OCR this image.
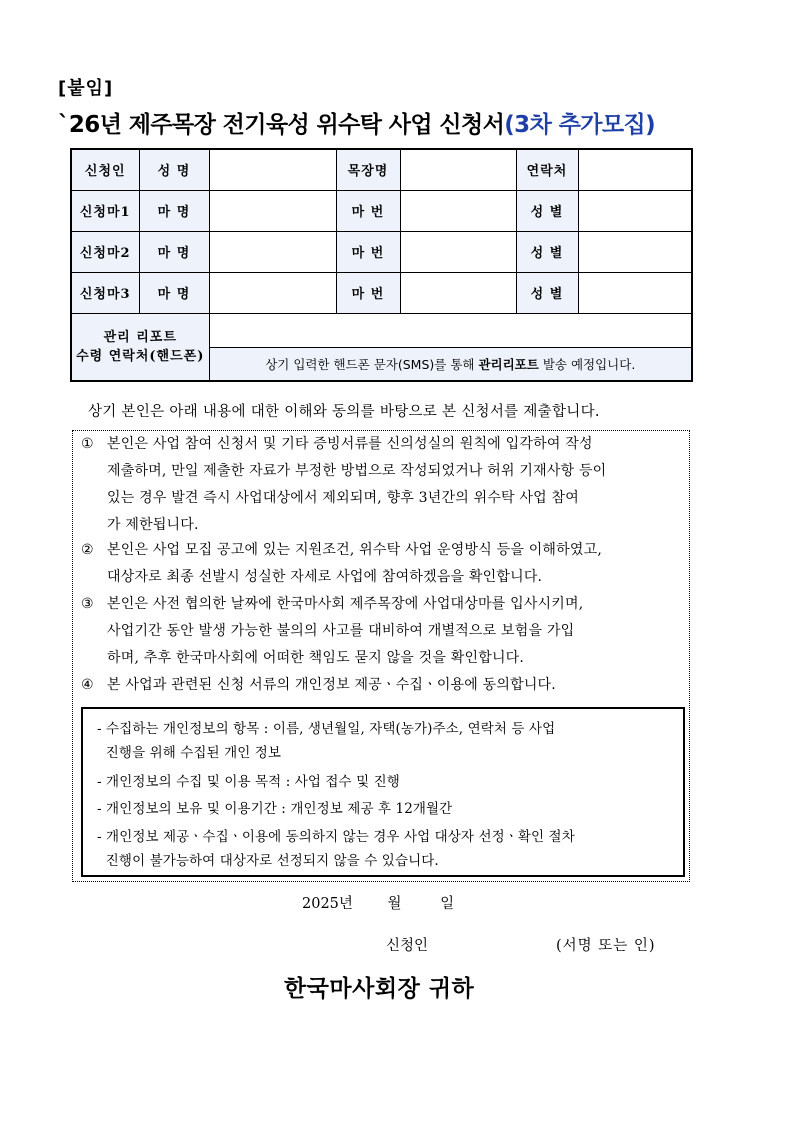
[붙임]
`26년 제주목장 전기육성 위수탁 사업 신청서(3차 추가모집)
신청인	성 명		목장명		연락처	
신청마1	마 명		마 번		성 별	
신청마2	마 명		마 번		성 별	
신청마3	마 명		마 번		성 별	
관리 리포트
수령 연락처(핸드폰)						
		상기 입력한 핸드폰 문자(SMS)를 통해 관리리포트 발송 예정입니다.				
상기 본인은 아래 내용에 대한 이해와 동의를 바탕으로 본 신청서를 제출합니다.
① 본인은 사업 참여 신청서 및 기타 증빙서류를 신의성실의 원칙에 입각하여 작성
제출하며, 만일 제출한 자료가 부정한 방법으로 작성되었거나 허위 기재사항 등이
있는 경우 발견 즉시 사업대상에서 제외되며, 향후 3년간의 위수탁 사업 참여
가 제한됩니다.
② 본인은 사업 모집 공고에 있는 지원조건, 위수탁 사업 운영방식 등을 이해하였고,
대상자로 최종 선발시 성실한 자세로 사업에 참여하겠음을 확인합니다.
③ 본인은 사전 협의한 날짜에 한국마사회 제주목장에 사업대상마를 입사시키며,
사업기간 동안 발생 가능한 불의의 사고를 대비하여 개별적으로 보험을 가입
하며, 추후 한국마사회에 어떠한 책임도 묻지 않을 것을 확인합니다.
④ 본 사업과 관련된 신청 서류의 개인정보 제공ㆍ수집ㆍ이용에 동의합니다.
- 수집하는 개인정보의 항목 : 이름, 생년월일, 자택(농가)주소, 연락처 등 사업
진행을 위해 수집된 개인 정보
- 개인정보의 수집 및 이용 목적 : 사업 접수 및 진행
- 개인정보의 보유 및 이용기간 : 개인정보 제공 후 12개월간
- 개인정보 제공ㆍ수집ㆍ이용에 동의하지 않는 경우 사업 대상자 선정ㆍ확인 절차
진행이 불가능하여 대상자로 선정되지 않을 수 있습니다.
2025년 월	일
신청인	(서명 또는 인)
한국마사회장 귀하
